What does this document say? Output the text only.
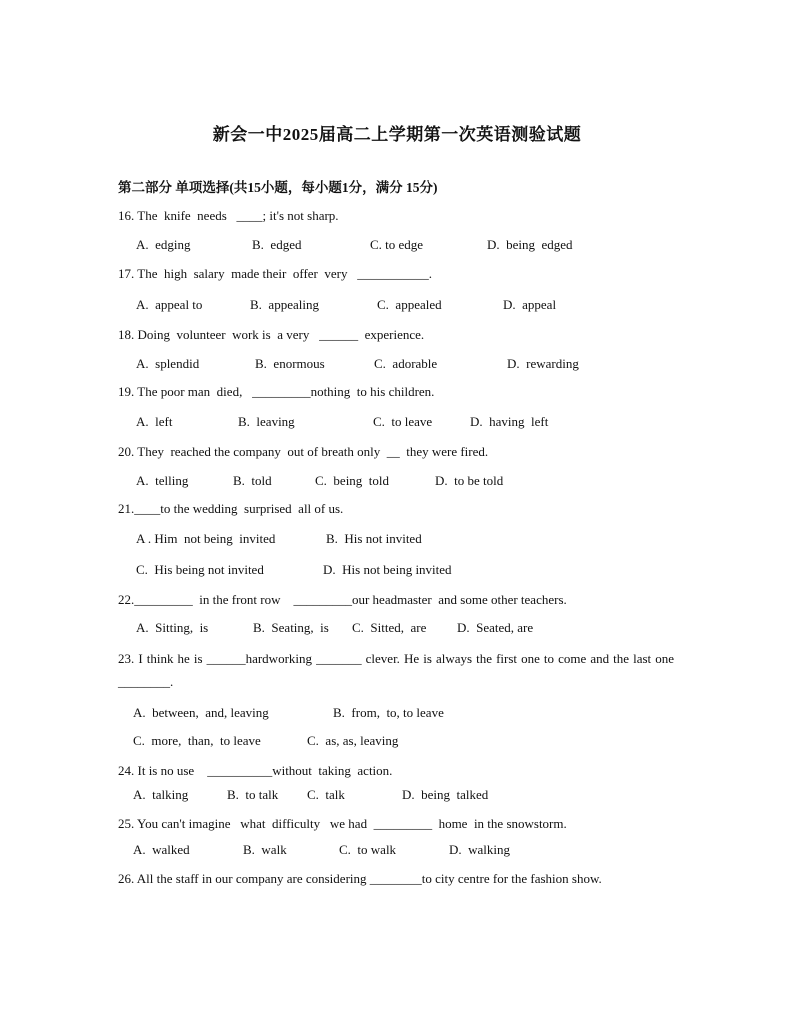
新会一中2025届高二上学期第一次英语测验试题
第二部分 单项选择(共15小题，每小题1分，满分 15分)
16. The  knife  needs   ____; it's not sharp.
A.  edging	B.  edged	C. to edge	D.  being  edged
17. The  high  salary  made their  offer  very   ___________.
A.  appeal to	B.  appealing	C.  appealed	D.  appeal
18. Doing  volunteer  work is  a very   ______  experience.
A.  splendid	B.  enormous	C.  adorable	D.  rewarding
19. The poor man  died,   _________nothing  to his children.
A.  left	B.  leaving	C.  to leave	D.  having  left
20. They  reached the company  out of breath only  __  they were fired.
A.  telling	B.  told	C.  being  told	D.  to be told
21.____to the wedding  surprised  all of us.
A . Him  not being  invited	B.  His not invited
C.  His being not invited	D.  His not being invited
22._________  in the front row    _________our headmaster  and some other teachers.
A.  Sitting,  is	B.  Seating,  is C.  Sitted,  are D.  Seated, are
23. I think he is ______hardworking _______ clever. He is always the first one to come and the last one ________.
A.  between,  and, leaving	B.  from,  to, to leave
C.  more,  than,  to leave	C.  as, as, leaving
24. It is no use    __________without  taking  action.
A.  talking	B.  to talk C.  talk	D.  being  talked
25. You can't imagine   what  difficulty   we had  _________  home  in the snowstorm.
A.  walked	B.  walk	C.  to walk	D.  walking
26. All the staff in our company are considering ________to city centre for the fashion show.
